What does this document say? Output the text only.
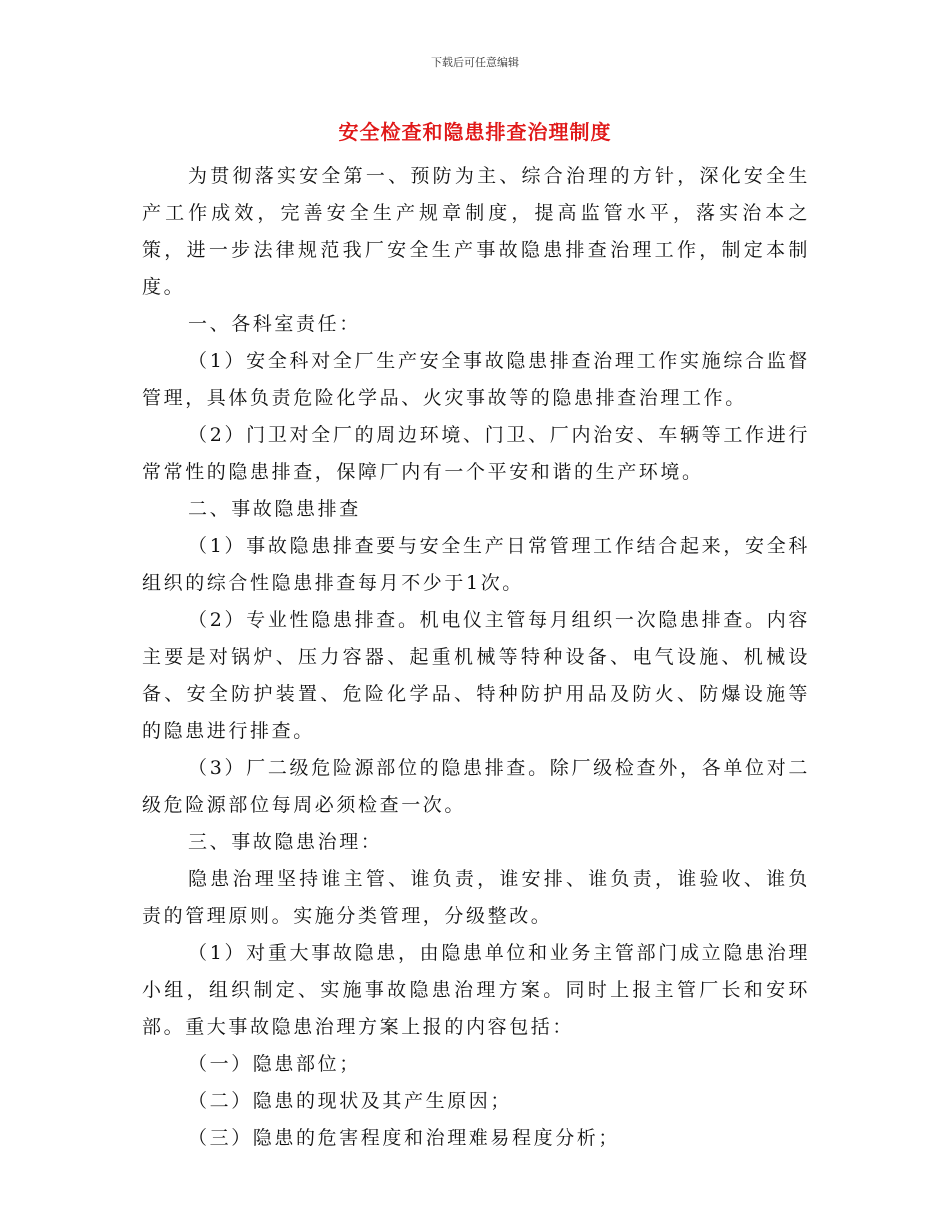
下载后可任意编辑
安全检查和隐患排查治理制度

为贯彻落实安全第一、预防为主、综合治理的方针，深化安全生产工作成效，完善安全生产规章制度，提高监管水平，落实治本之策，进一步法律规范我厂安全生产事故隐患排查治理工作，制定本制度。

一、各科室责任：

（1）安全科对全厂生产安全事故隐患排查治理工作实施综合监督管理，具体负责危险化学品、火灾事故等的隐患排查治理工作。

（2）门卫对全厂的周边环境、门卫、厂内治安、车辆等工作进行常常性的隐患排查，保障厂内有一个平安和谐的生产环境。

二、事故隐患排查

（1）事故隐患排查要与安全生产日常管理工作结合起来，安全科组织的综合性隐患排查每月不少于1次。

（2）专业性隐患排查。机电仪主管每月组织一次隐患排查。内容主要是对锅炉、压力容器、起重机械等特种设备、电气设施、机械设备、安全防护装置、危险化学品、特种防护用品及防火、防爆设施等的隐患进行排查。

（3）厂二级危险源部位的隐患排查。除厂级检查外，各单位对二级危险源部位每周必须检查一次。

三、事故隐患治理：

隐患治理坚持谁主管、谁负责，谁安排、谁负责，谁验收、谁负责的管理原则。实施分类管理，分级整改。

（1）对重大事故隐患，由隐患单位和业务主管部门成立隐患治理小组，组织制定、实施事故隐患治理方案。同时上报主管厂长和安环部。重大事故隐患治理方案上报的内容包括：

（一）隐患部位；

（二）隐患的现状及其产生原因；

（三）隐患的危害程度和治理难易程度分析；
